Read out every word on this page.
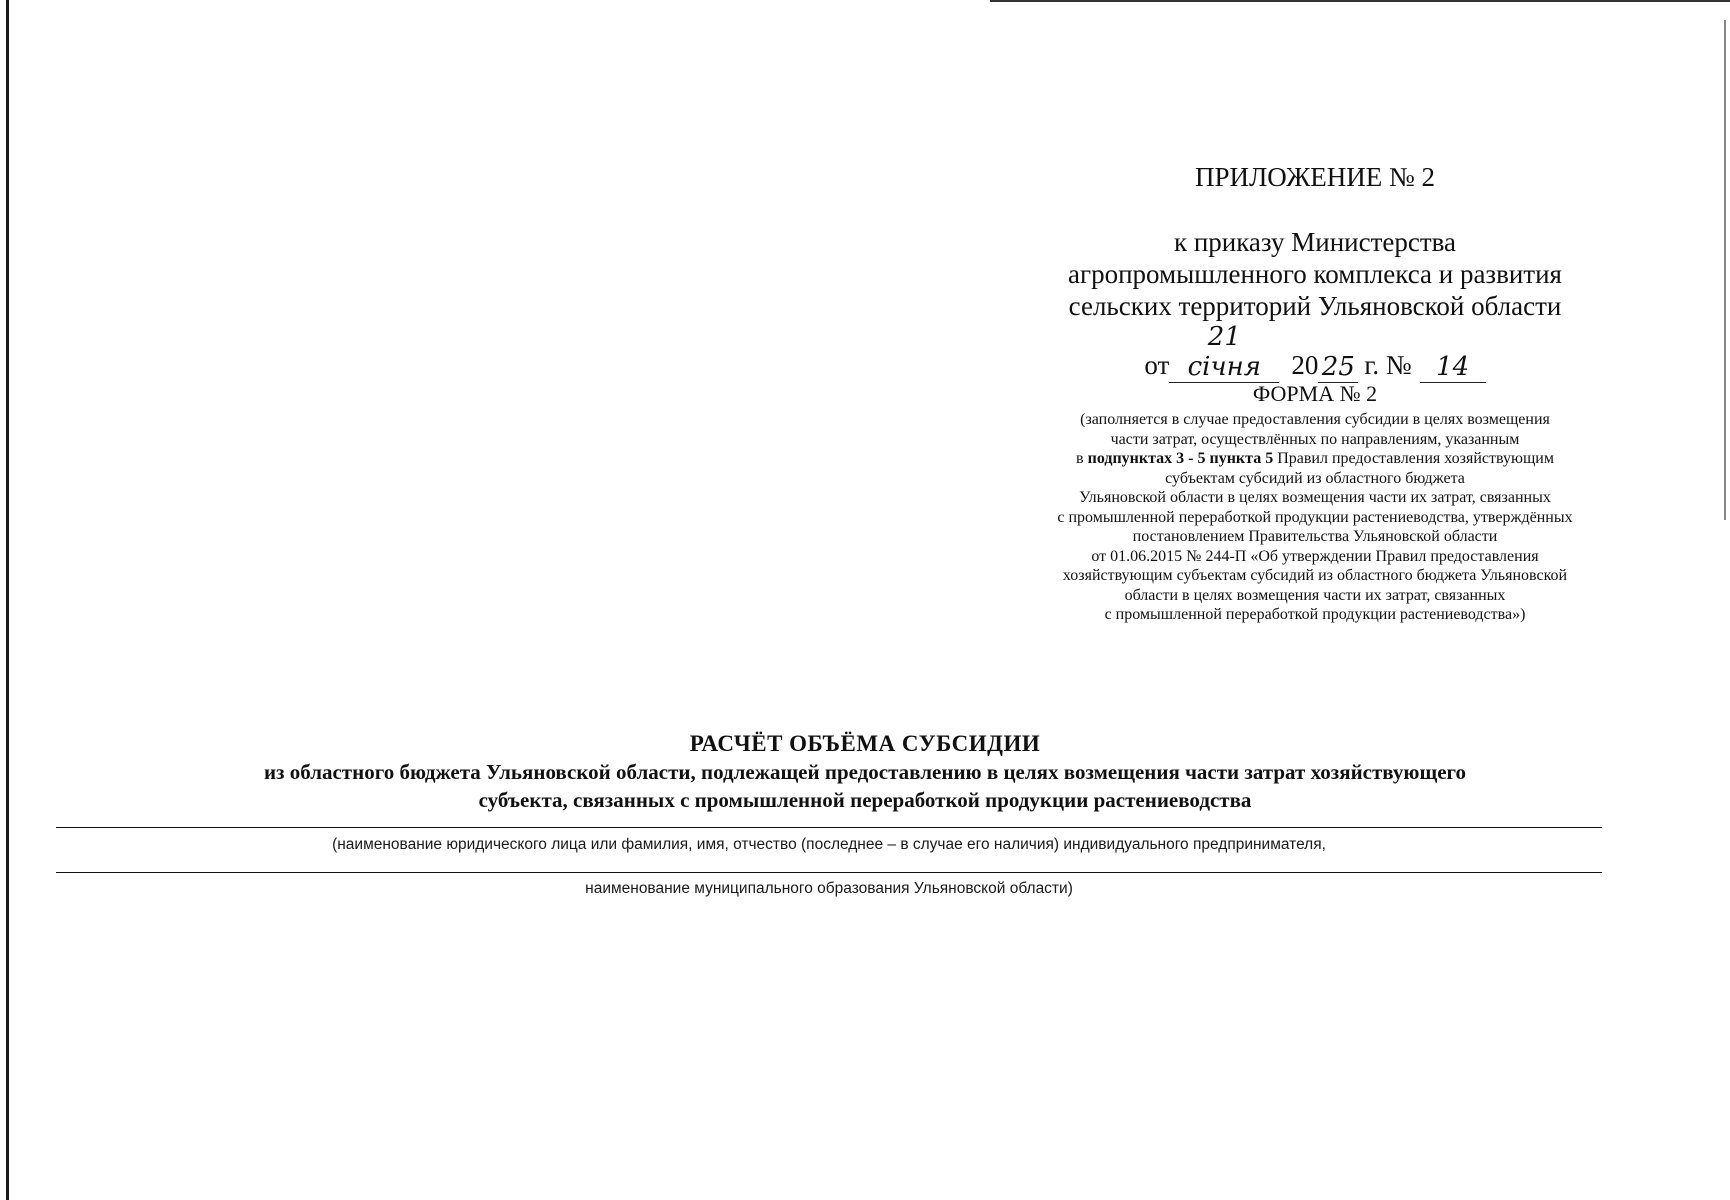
ПРИЛОЖЕНИЕ № 2
к приказу Министерства
агропромышленного комплекса и развития
сельских территорий Ульяновской области
от
21 січня	20 25 г. № 14
ФОРМА № 2
(заполняется в случае предоставления субсидии в целях возмещения
части затрат, осуществлённых по направлениям, указанным
в подпунктах 3 - 5 пункта 5 Правил предоставления хозяйствующим
субъектам субсидий из областного бюджета
Ульяновской области в целях возмещения части их затрат, связанных
с промышленной переработкой продукции растениеводства, утверждённых
постановлением Правительства Ульяновской области
от 01.06.2015 № 244-П «Об утверждении Правил предоставления
хозяйствующим субъектам субсидий из областного бюджета Ульяновской
области в целях возмещения части их затрат, связанных
с промышленной переработкой продукции растениеводства»)
РАСЧЁТ ОБЪЁМА СУБСИДИИ
из областного бюджета Ульяновской области, подлежащей предоставлению в целях возмещения части затрат хозяйствующего
субъекта, связанных с промышленной переработкой продукции растениеводства
(наименование юридического лица или фамилия, имя, отчество (последнее – в случае его наличия) индивидуального предпринимателя,
наименование муниципального образования Ульяновской области)
